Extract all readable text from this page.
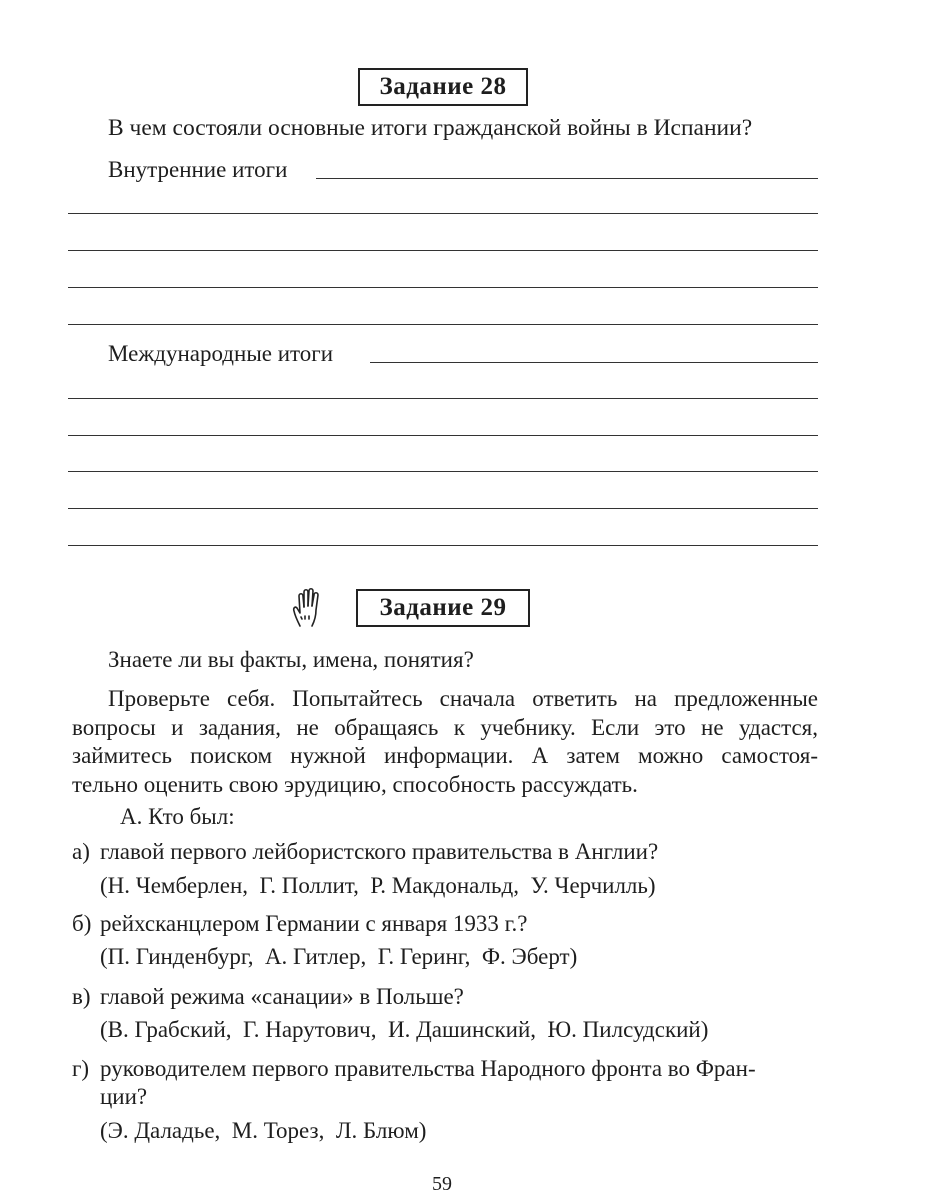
Задание 28
В чем состояли основные итоги гражданской войны в Испании?
Внутренние итоги
Международные итоги
Задание 29
Знаете ли вы факты, имена, понятия?
Проверьте себя. Попытайтесь сначала ответить на предложенные
вопросы и задания, не обращаясь к учебнику. Если это не удастся,
займитесь поиском нужной информации. А затем можно самостоя-
тельно оценить свою эрудицию, способность рассуждать.
А. Кто был:
а) главой первого лейбористского правительства в Англии?
(Н. Чемберлен,  Г. Поллит,  Р. Макдональд,  У. Черчилль)
б) рейхсканцлером Германии с января 1933 г.?
(П. Гинденбург,  А. Гитлер,  Г. Геринг,  Ф. Эберт)
в) главой режима «санации» в Польше?
(В. Грабский,  Г. Нарутович,  И. Дашинский,  Ю. Пилсудский)
г) руководителем первого правительства Народного фронта во Фран-
ции?
(Э. Даладье,  М. Торез,  Л. Блюм)
59
